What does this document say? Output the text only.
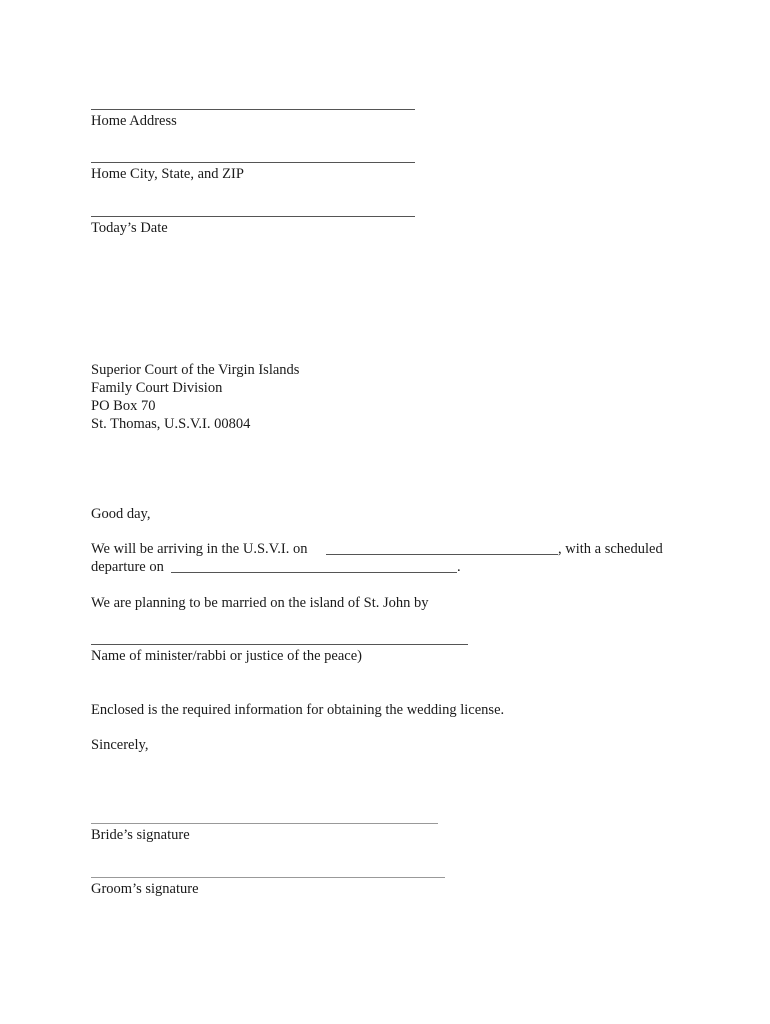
Home Address
Home City, State, and ZIP
Today’s Date
Superior Court of the Virgin Islands
Family Court Division
PO Box 70
St. Thomas, U.S.V.I. 00804
Good day,
We will be arriving in the U.S.V.I. on	, with a scheduled
departure on	.
We are planning to be married on the island of St. John by
Name of minister/rabbi or justice of the peace)
Enclosed is the required information for obtaining the wedding license.
Sincerely,
Bride’s signature
Groom’s signature
